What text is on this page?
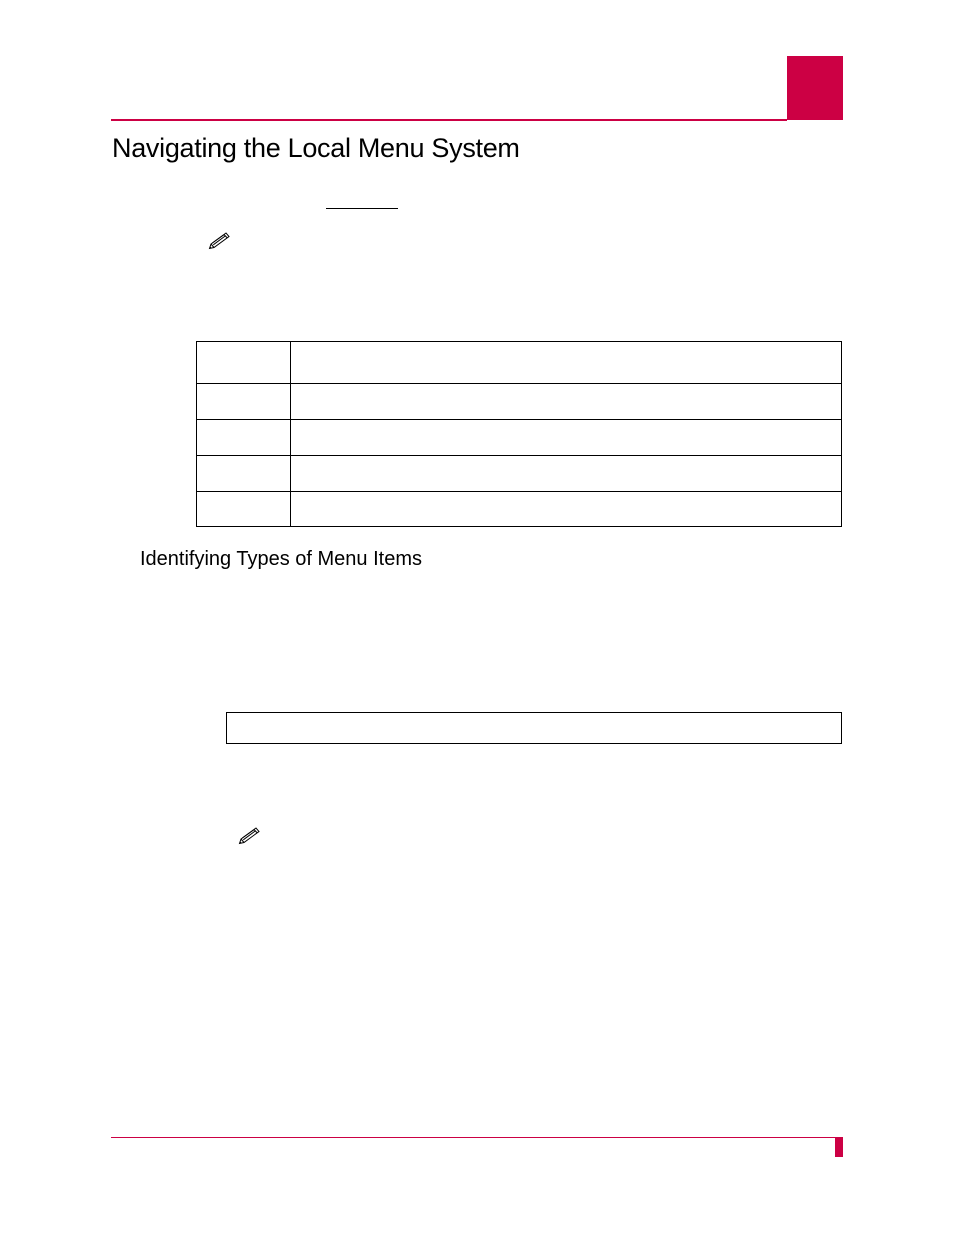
Navigating the Local Menu System

Identifying Types of Menu Items
